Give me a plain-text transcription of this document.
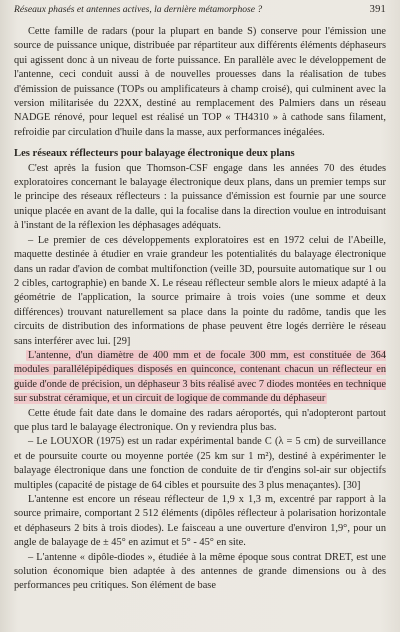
Réseaux phasés et antennes actives, la dernière métamorphose ?	391

Cette famille de radars (pour la plupart en bande S) conserve pour l'émission une source de puissance unique, distribuée par répartiteur aux différents éléments déphaseurs qui agissent donc à un niveau de forte puissance. En parallèle avec le développement de l'antenne, ceci conduit aussi à de nouvelles prouesses dans la réalisation de tubes d'émission de puissance (TOPs ou amplificateurs à champ croisé), qui culminent avec la version militarisée du 22XX, destiné au remplacement des Palmiers dans un réseau NADGE rénové, pour lequel est réalisé un TOP « TH4310 » à cathode sans filament, refroidie par circulation d'huile dans la masse, aux performances inégalées.

Les réseaux réflecteurs pour balayage électronique deux plans

C'est après la fusion que Thomson-CSF engage dans les années 70 des études exploratoires concernant le balayage électronique deux plans, dans un premier temps sur le principe des réseaux réflecteurs : la puissance d'émission est fournie par une source unique placée en avant de la dalle, qui la focalise dans la direction voulue en introduisant à l'instant de la réflexion les déphasages adéquats.

– Le premier de ces développements exploratoires est en 1972 celui de l'Abeille, maquette destinée à étudier en vraie grandeur les potentialités du balayage électronique dans un radar d'avion de combat multifonction (veille 3D, poursuite automatique sur 1 ou 2 cibles, cartographie) en bande X. Le réseau réflecteur semble alors le mieux adapté à la géométrie de l'application, la source primaire à trois voies (une somme et deux différences) trouvant naturellement sa place dans la pointe du radôme, tandis que les circuits de distribution des informations de phase peuvent être logés derrière le réseau sans interférer avec lui. [29]

L'antenne, d'un diamètre de 400 mm et de focale 300 mm, est constituée de 364 modules parallélépipédiques disposés en quinconce, contenant chacun un réflecteur en guide d'onde de précision, un déphaseur 3 bits réalisé avec 7 diodes montées en technique sur substrat céramique, et un circuit de logique de commande du déphaseur

Cette étude fait date dans le domaine des radars aéroportés, qui n'adopteront partout que plus tard le balayage électronique. On y reviendra plus bas.

– Le LOUXOR (1975) est un radar expérimental bande C (λ = 5 cm) de surveillance et de poursuite courte ou moyenne portée (25 km sur 1 m²), destiné à expérimenter le balayage électronique dans une fonction de conduite de tir d'engins sol-air sur objectifs multiples (capacité de pistage de 64 cibles et poursuite des 3 plus menaçantes). [30]

L'antenne est encore un réseau réflecteur de 1,9 x 1,3 m, excentré par rapport à la source primaire, comportant 2 512 éléments (dipôles réflecteur à polarisation horizontale et déphaseurs 2 bits à trois diodes). Le faisceau a une ouverture d'environ 1,9°, pour un angle de balayage de ± 45° en azimut et 5° - 45° en site.

– L'antenne « dipôle-diodes », étudiée à la même époque sous contrat DRET, est une solution économique bien adaptée à des antennes de grande dimensions ou à des performances peu critiques. Son élément de base
